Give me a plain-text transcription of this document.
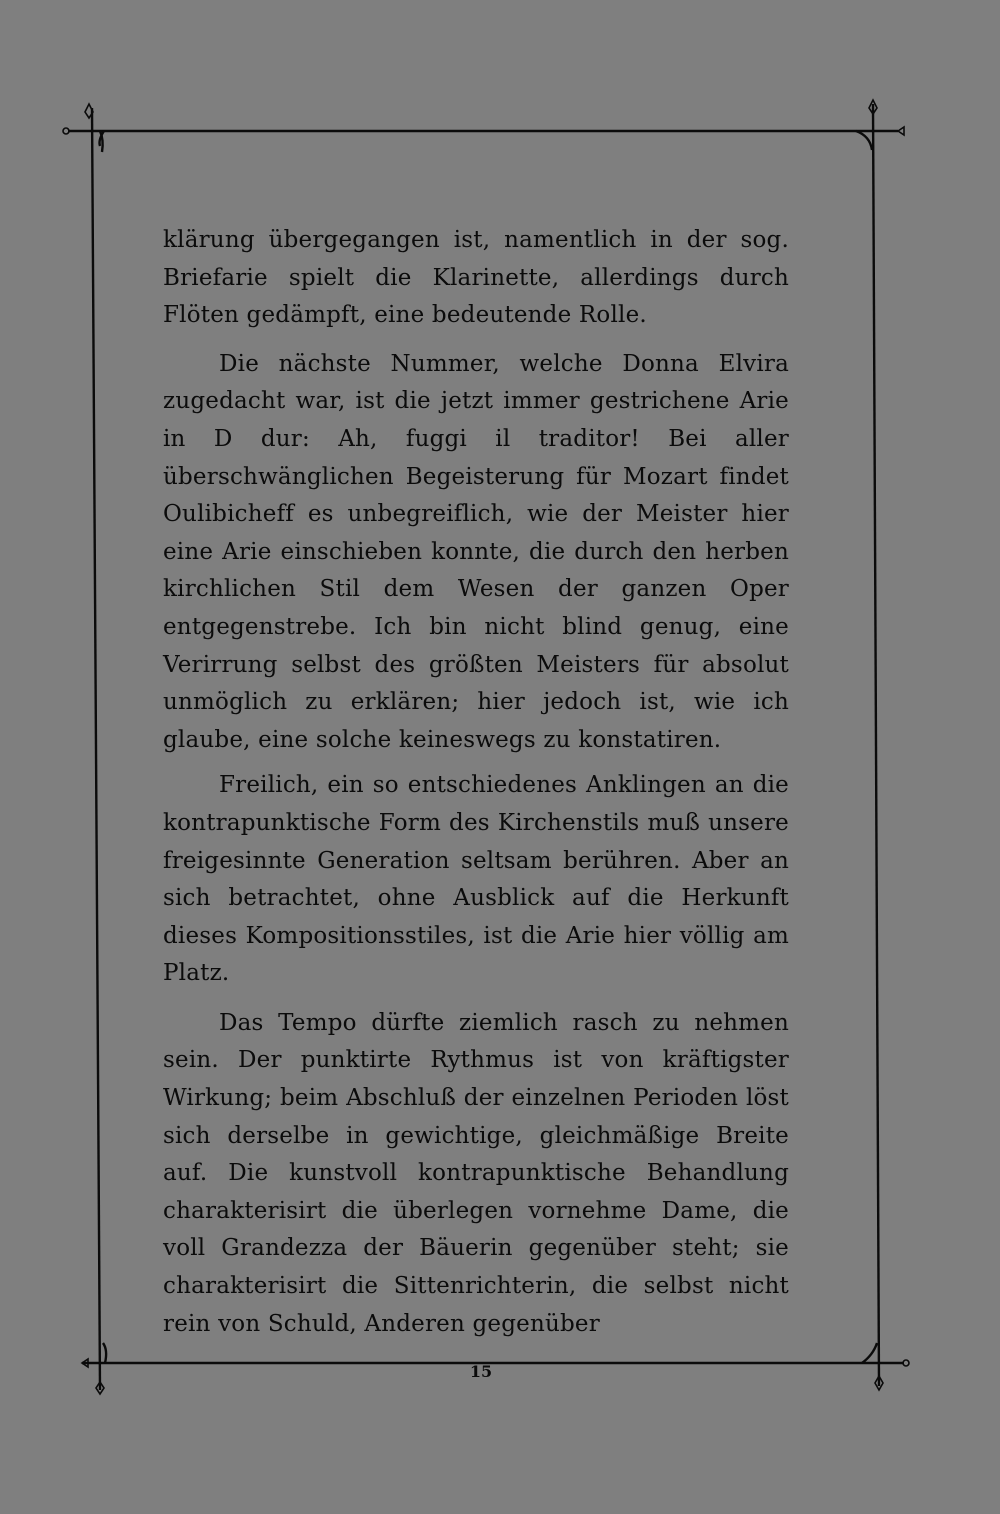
klärung übergegangen ist, namentlich in der sog. Briefarie spielt die Klarinette, allerdings durch Flöten gedämpft, eine bedeutende Rolle.

Die nächste Nummer, welche Donna Elvira zugedacht war, ist die jetzt immer gestrichene Arie in D dur: Ah, fuggi il traditor! Bei aller überschwänglichen Begeisterung für Mozart findet Oulibicheff es unbegreiflich, wie der Meister hier eine Arie einschieben konnte, die durch den herben kirchlichen Stil dem Wesen der ganzen Oper entgegenstrebe. Ich bin nicht blind genug, eine Verirrung selbst des größten Meisters für absolut unmöglich zu erklären; hier jedoch ist, wie ich glaube, eine solche keineswegs zu konstatiren.

Freilich, ein so entschiedenes Anklingen an die kontrapunktische Form des Kirchenstils muß unsere freigesinnte Generation seltsam berühren. Aber an sich betrachtet, ohne Ausblick auf die Herkunft dieses Kompositionsstiles, ist die Arie hier völlig am Platz.

Das Tempo dürfte ziemlich rasch zu nehmen sein. Der punktirte Rythmus ist von kräftigster Wirkung; beim Abschluß der einzelnen Perioden löst sich derselbe in gewichtige, gleichmäßige Breite auf. Die kunstvoll kontrapunktische Behandlung charakterisirt die überlegen vornehme Dame, die voll Grandezza der Bäuerin gegenüber steht; sie charakterisirt die Sittenrichterin, die selbst nicht rein von Schuld, Anderen gegenüber

15
